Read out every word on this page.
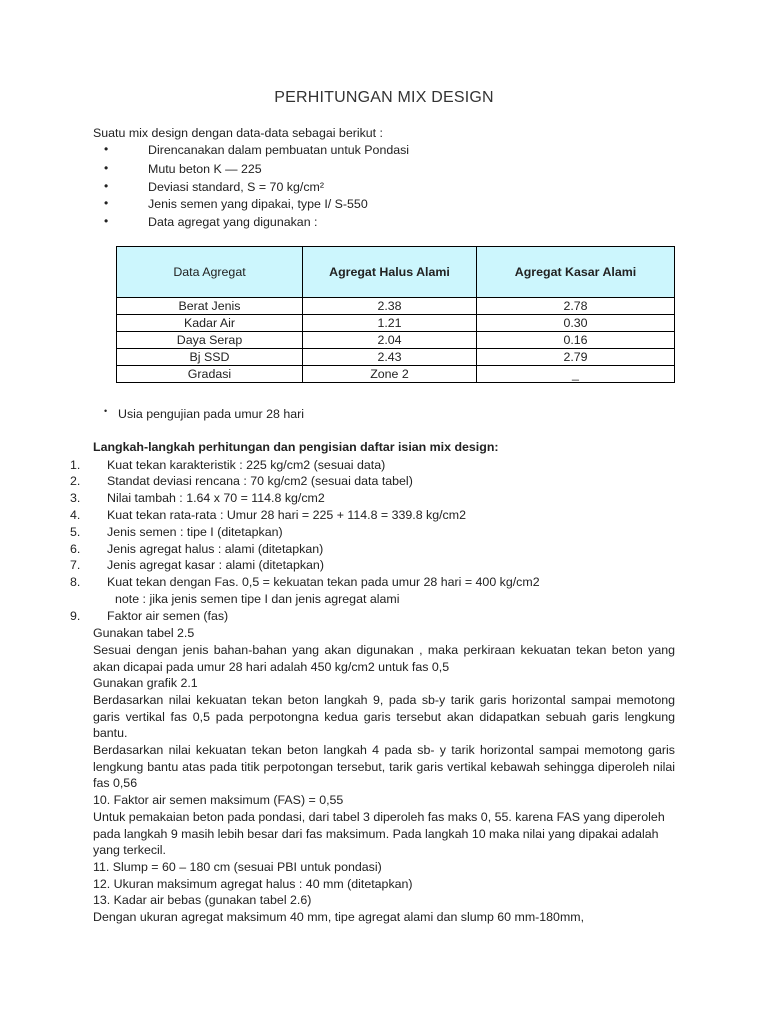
PERHITUNGAN MIX DESIGN
Suatu mix design dengan data-data sebagai berikut :
•	Direncanakan dalam pembuatan untuk Pondasi
•	Mutu beton K — 225
•	Deviasi standard, S = 70 kg/cm²
•	Jenis semen yang dipakai, type I/ S-550
•	Data agregat yang digunakan :
Data Agregat	Agregat Halus Alami	Agregat Kasar Alami
Berat Jenis	2.38	2.78
Kadar Air	1.21	0.30
Daya Serap	2.04	0.16
Bj SSD	2.43	2.79
Gradasi	Zone 2	_
• Usia pengujian pada umur 28 hari
Langkah-langkah perhitungan dan pengisian daftar isian mix design:
1. Kuat tekan karakteristik : 225 kg/cm2 (sesuai data)
2. Standat deviasi rencana : 70 kg/cm2 (sesuai data tabel)
3. Nilai tambah : 1.64 x 70 = 114.8 kg/cm2
4. Kuat tekan rata-rata : Umur 28 hari = 225 + 114.8 = 339.8 kg/cm2
5. Jenis semen : tipe I (ditetapkan)
6. Jenis agregat halus : alami (ditetapkan)
7. Jenis agregat kasar : alami (ditetapkan)
8. Kuat tekan dengan Fas. 0,5 = kekuatan tekan pada umur 28 hari = 400 kg/cm2
note : jika jenis semen tipe I dan jenis agregat alami
9. Faktor air semen (fas)
Gunakan tabel 2.5
Sesuai dengan jenis bahan-bahan yang akan digunakan , maka perkiraan kekuatan tekan beton yang akan dicapai pada umur 28 hari adalah 450 kg/cm2 untuk fas 0,5
Gunakan grafik 2.1
Berdasarkan nilai kekuatan tekan beton langkah 9, pada sb-y tarik garis horizontal sampai memotong garis vertikal fas 0,5 pada perpotongna kedua garis tersebut akan didapatkan sebuah garis lengkung bantu.
Berdasarkan nilai kekuatan tekan beton langkah 4 pada sb- y tarik horizontal sampai memotong garis lengkung bantu atas pada titik perpotongan tersebut, tarik garis vertikal kebawah sehingga diperoleh nilai fas 0,56
10. Faktor air semen maksimum (FAS) = 0,55
Untuk pemakaian beton pada pondasi, dari tabel 3 diperoleh fas maks 0, 55. karena FAS yang diperoleh pada langkah 9 masih lebih besar dari fas maksimum. Pada langkah 10 maka nilai yang dipakai adalah yang terkecil.
11. Slump = 60 – 180 cm (sesuai PBI untuk pondasi)
12. Ukuran maksimum agregat halus : 40 mm (ditetapkan)
13. Kadar air bebas (gunakan tabel 2.6)
Dengan ukuran agregat maksimum 40 mm, tipe agregat alami dan slump 60 mm-180mm,
